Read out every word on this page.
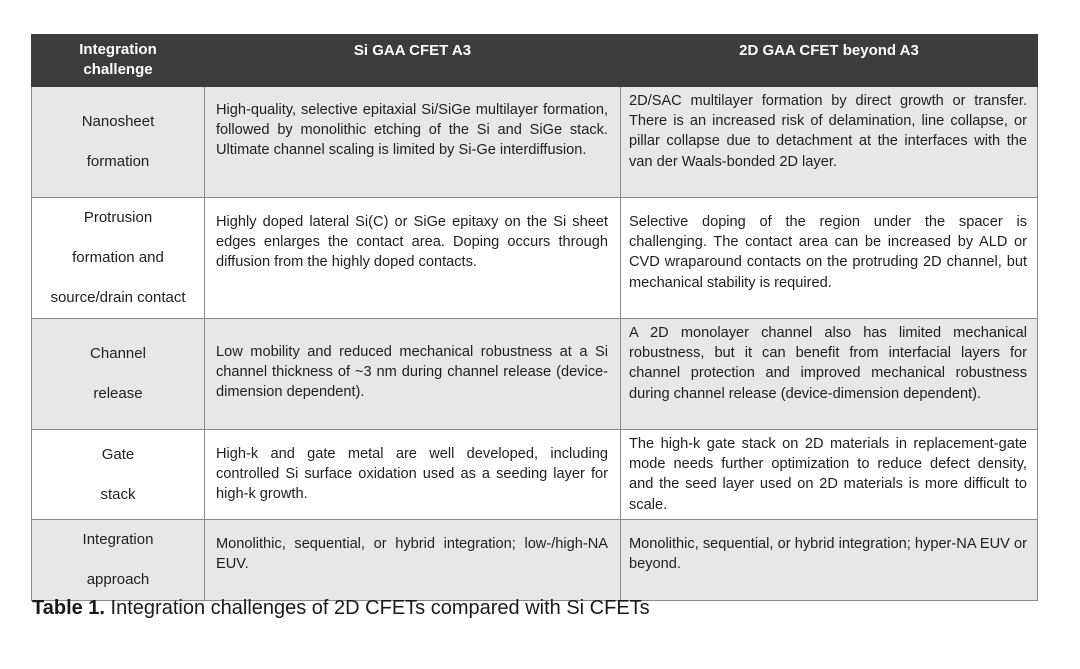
Integration
challenge	Si GAA CFET A3	2D GAA CFET beyond A3

Nanosheet
formation	High-quality, selective epitaxial Si/SiGe multilayer formation, followed by monolithic etching of the Si and SiGe stack. Ultimate channel scaling is limited by Si-Ge interdiffusion.	2D/SAC multilayer formation by direct growth or transfer. There is an increased risk of delamination, line collapse, or pillar collapse due to detachment at the interfaces with the van der Waals-bonded 2D layer.

Protrusion
formation and
source/drain contact	Highly doped lateral Si(C) or SiGe epitaxy on the Si sheet edges enlarges the contact area. Doping occurs through diffusion from the highly doped contacts.	Selective doping of the region under the spacer is challenging. The contact area can be increased by ALD or CVD wraparound contacts on the protruding 2D channel, but mechanical stability is required.

Channel
release	Low mobility and reduced mechanical robustness at a Si channel thickness of ~3 nm during channel release (device-dimension dependent).	A 2D monolayer channel also has limited mechanical robustness, but it can benefit from interfacial layers for channel protection and improved mechanical robustness during channel release (device-dimension dependent).

Gate
stack	High-k and gate metal are well developed, including controlled Si surface oxidation used as a seeding layer for high-k growth.	The high-k gate stack on 2D materials in replacement-gate mode needs further optimization to reduce defect density, and the seed layer used on 2D materials is more difficult to scale.

Integration
approach	Monolithic, sequential, or hybrid integration; low-/high-NA EUV.	Monolithic, sequential, or hybrid integration; hyper-NA EUV or beyond.
Table 1. Integration challenges of 2D CFETs compared with Si CFETs
